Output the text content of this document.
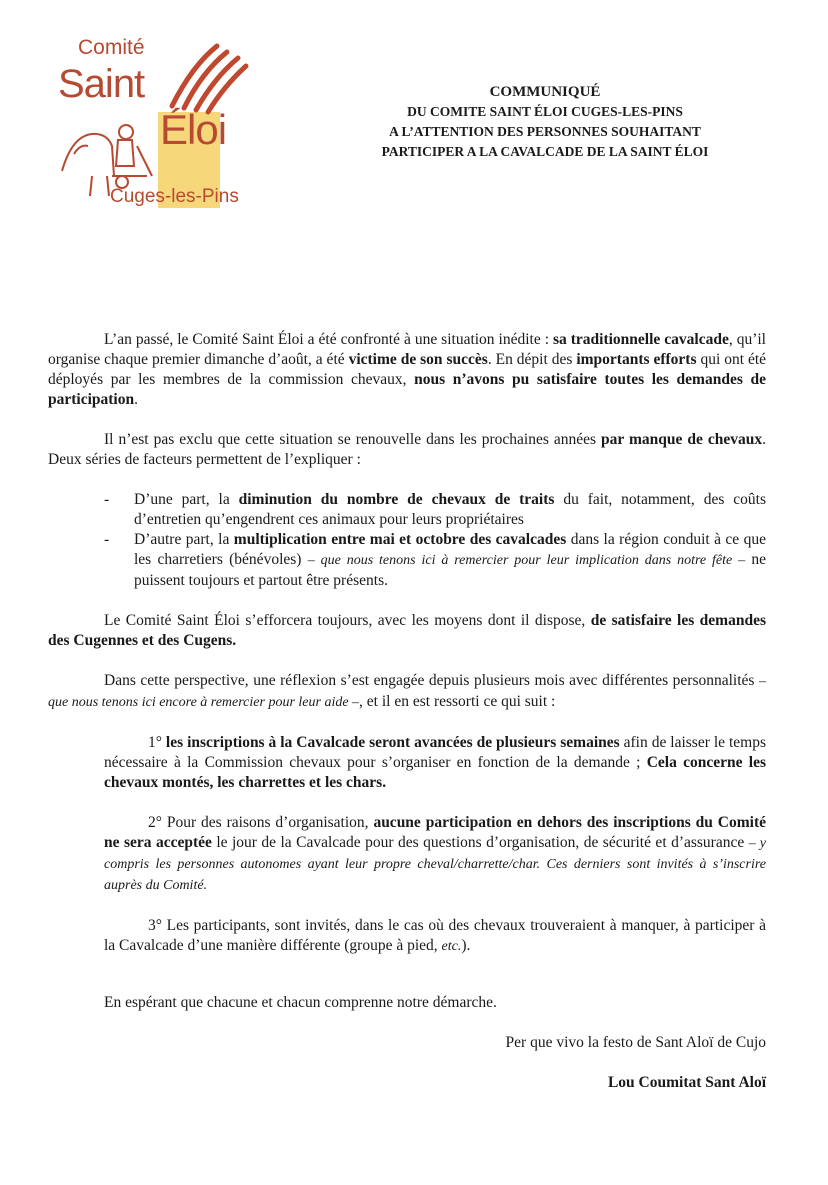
Comité
Saint
Éloi
Cuges-les-Pins
COMMUNIQUÉ
DU COMITE SAINT ÉLOI CUGES-LES-PINS
A L’ATTENTION DES PERSONNES SOUHAITANT
PARTICIPER A LA CAVALCADE DE LA SAINT ÉLOI

L’an passé, le Comité Saint Éloi a été confronté à une situation inédite : sa traditionnelle cavalcade, qu’il organise chaque premier dimanche d’août, a été victime de son succès. En dépit des importants efforts qui ont été déployés par les membres de la commission chevaux, nous n’avons pu satisfaire toutes les demandes de participation.

Il n’est pas exclu que cette situation se renouvelle dans les prochaines années par manque de chevaux. Deux séries de facteurs permettent de l’expliquer :

- D’une part, la diminution du nombre de chevaux de traits du fait, notamment, des coûts d’entretien qu’engendrent ces animaux pour leurs propriétaires
- D’autre part, la multiplication entre mai et octobre des cavalcades dans la région conduit à ce que les charretiers (bénévoles) – que nous tenons ici à remercier pour leur implication dans notre fête – ne puissent toujours et partout être présents.

Le Comité Saint Éloi s’efforcera toujours, avec les moyens dont il dispose, de satisfaire les demandes des Cugennes et des Cugens.

Dans cette perspective, une réflexion s’est engagée depuis plusieurs mois avec différentes personnalités – que nous tenons ici encore à remercier pour leur aide –, et il en est ressorti ce qui suit :

1° les inscriptions à la Cavalcade seront avancées de plusieurs semaines afin de laisser le temps nécessaire à la Commission chevaux pour s’organiser en fonction de la demande ; Cela concerne les chevaux montés, les charrettes et les chars.

2° Pour des raisons d’organisation, aucune participation en dehors des inscriptions du Comité ne sera acceptée le jour de la Cavalcade pour des questions d’organisation, de sécurité et d’assurance – y compris les personnes autonomes ayant leur propre cheval/charrette/char. Ces derniers sont invités à s’inscrire auprès du Comité.

3° Les participants, sont invités, dans le cas où des chevaux trouveraient à manquer, à participer à la Cavalcade d’une manière différente (groupe à pied, etc.).

En espérant que chacune et chacun comprenne notre démarche.

Per que vivo la festo de Sant Aloï de Cujo

Lou Coumitat Sant Aloï
